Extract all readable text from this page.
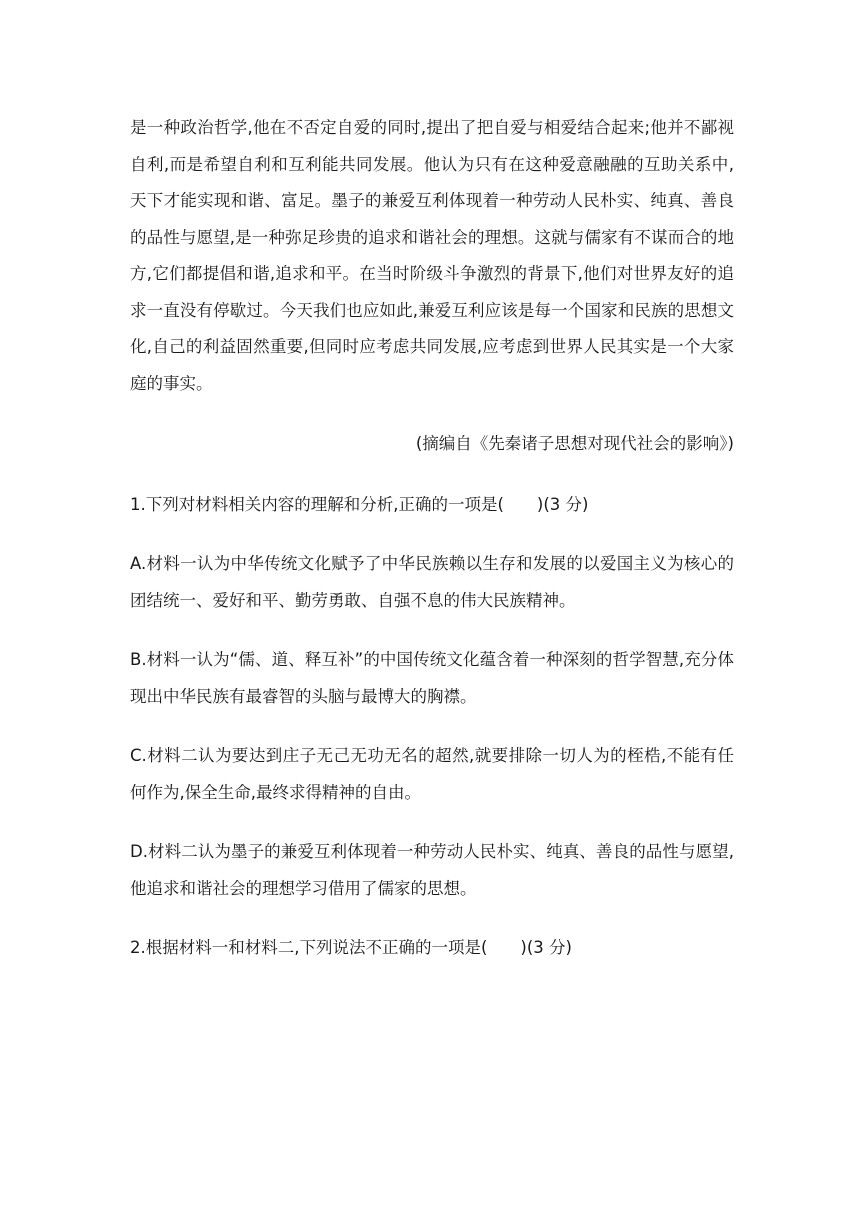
是一种政治哲学,他在不否定自爱的同时,提出了把自爱与相爱结合起来;他并不鄙视自利,而是希望自利和互利能共同发展。他认为只有在这种爱意融融的互助关系中,天下才能实现和谐、富足。墨子的兼爱互利体现着一种劳动人民朴实、纯真、善良的品性与愿望,是一种弥足珍贵的追求和谐社会的理想。这就与儒家有不谋而合的地方,它们都提倡和谐,追求和平。在当时阶级斗争激烈的背景下,他们对世界友好的追求一直没有停歇过。今天我们也应如此,兼爱互利应该是每一个国家和民族的思想文化,自己的利益固然重要,但同时应考虑共同发展,应考虑到世界人民其实是一个大家庭的事实。

(摘编自《先秦诸子思想对现代社会的影响》)
1.下列对材料相关内容的理解和分析,正确的一项是(　　)(3 分)
A.材料一认为中华传统文化赋予了中华民族赖以生存和发展的以爱国主义为核心的团结统一、爱好和平、勤劳勇敢、自强不息的伟大民族精神。
B.材料一认为“儒、道、释互补”的中国传统文化蕴含着一种深刻的哲学智慧,充分体现出中华民族有最睿智的头脑与最博大的胸襟。
C.材料二认为要达到庄子无己无功无名的超然,就要排除一切人为的桎梏,不能有任何作为,保全生命,最终求得精神的自由。
D.材料二认为墨子的兼爱互利体现着一种劳动人民朴实、纯真、善良的品性与愿望,他追求和谐社会的理想学习借用了儒家的思想。
2.根据材料一和材料二,下列说法不正确的一项是(　　)(3 分)
